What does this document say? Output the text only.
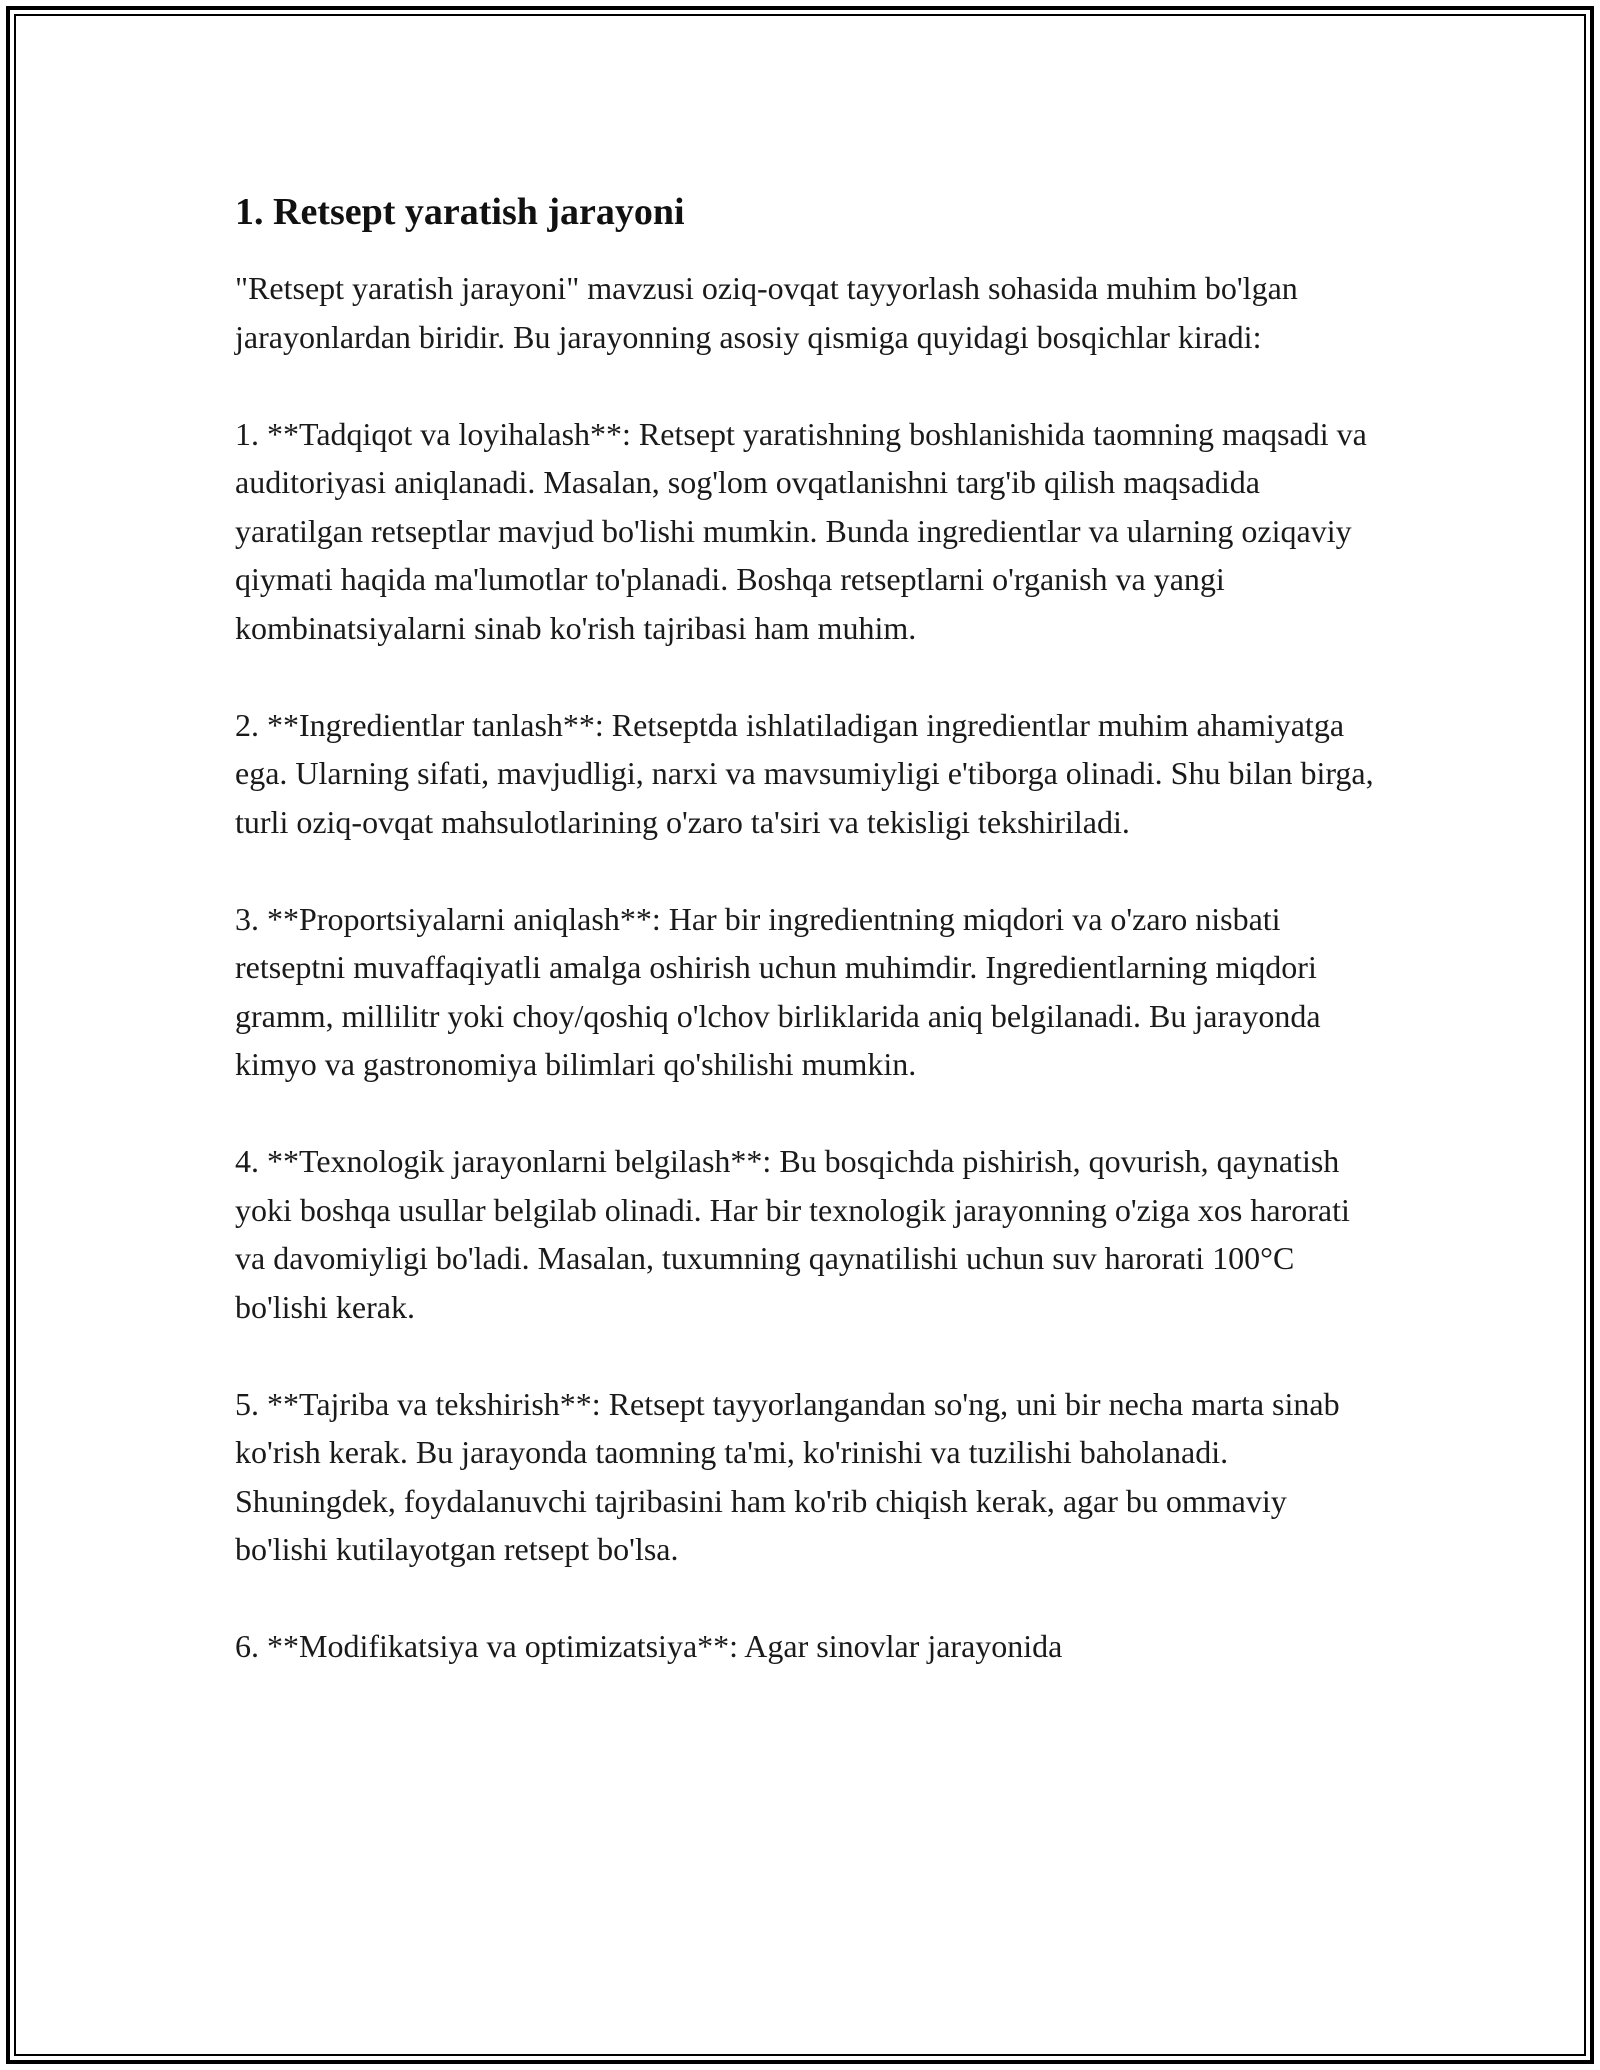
1. Retsept yaratish jarayoni

"Retsept yaratish jarayoni" mavzusi oziq-ovqat tayyorlash sohasida muhim bo'lgan jarayonlardan biridir. Bu jarayonning asosiy qismiga quyidagi bosqichlar kiradi:

1. **Tadqiqot va loyihalash**: Retsept yaratishning boshlanishida taomning maqsadi va auditoriyasi aniqlanadi. Masalan, sog'lom ovqatlanishni targ'ib qilish maqsadida yaratilgan retseptlar mavjud bo'lishi mumkin. Bunda ingredientlar va ularning oziqaviy qiymati haqida ma'lumotlar to'planadi. Boshqa retseptlarni o'rganish va yangi kombinatsiyalarni sinab ko'rish tajribasi ham muhim.

2. **Ingredientlar tanlash**: Retseptda ishlatiladigan ingredientlar muhim ahamiyatga ega. Ularning sifati, mavjudligi, narxi va mavsumiyligi e'tiborga olinadi. Shu bilan birga, turli oziq-ovqat mahsulotlarining o'zaro ta'siri va tekisligi tekshiriladi.

3. **Proportsiyalarni aniqlash**: Har bir ingredientning miqdori va o'zaro nisbati retseptni muvaffaqiyatli amalga oshirish uchun muhimdir. Ingredientlarning miqdori gramm, millilitr yoki choy/qoshiq o'lchov birliklarida aniq belgilanadi. Bu jarayonda kimyo va gastronomiya bilimlari qo'shilishi mumkin.

4. **Texnologik jarayonlarni belgilash**: Bu bosqichda pishirish, qovurish, qaynatish yoki boshqa usullar belgilab olinadi. Har bir texnologik jarayonning o'ziga xos harorati va davomiyligi bo'ladi. Masalan, tuxumning qaynatilishi uchun suv harorati 100°C bo'lishi kerak.

5. **Tajriba va tekshirish**: Retsept tayyorlangandan so'ng, uni bir necha marta sinab ko'rish kerak. Bu jarayonda taomning ta'mi, ko'rinishi va tuzilishi baholanadi. Shuningdek, foydalanuvchi tajribasini ham ko'rib chiqish kerak, agar bu ommaviy bo'lishi kutilayotgan retsept bo'lsa.

6. **Modifikatsiya va optimizatsiya**: Agar sinovlar jarayonida
